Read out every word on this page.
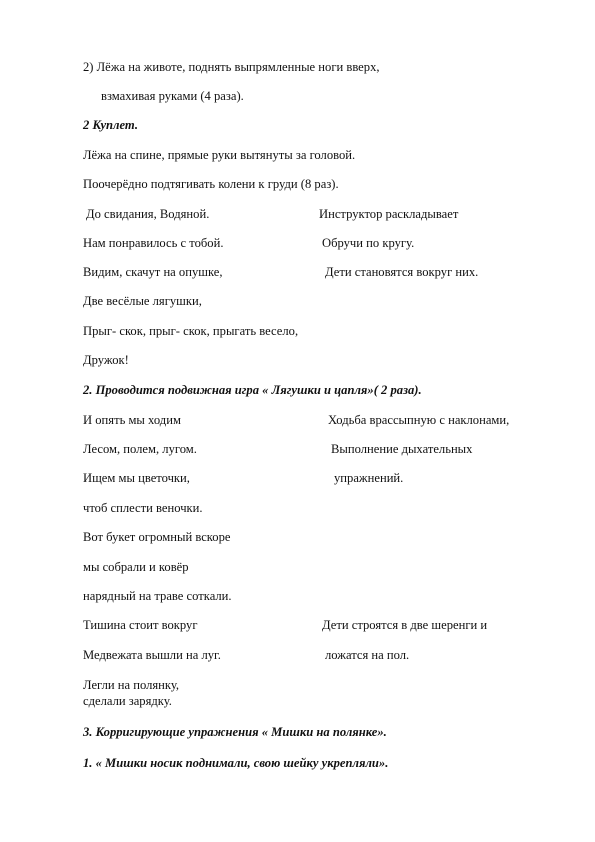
2) Лёжа на животе, поднять выпрямленные ноги вверх,
взмахивая руками (4 раза).
2 Куплет.
Лёжа на спине, прямые руки вытянуты за головой.
Поочерёдно подтягивать колени к груди (8 раз).
До свидания, Водяной.	Инструктор раскладывает
Нам понравилось с тобой.	Обручи по кругу.
Видим, скачут на опушке,	Дети становятся вокруг них.
Две весёлые лягушки,
Прыг- скок, прыг- скок, прыгать весело,
Дружок!
2. Проводится подвижная игра « Лягушки и цапля»( 2 раза).
И опять мы ходим	Ходьба врассыпную с наклонами,
Лесом, полем, лугом.	Выполнение дыхательных
Ищем мы цветочки,	упражнений.
чтоб сплести веночки.
Вот букет огромный вскоре
мы собрали и ковёр
нарядный на траве соткали.
Тишина стоит вокруг	Дети строятся в две шеренги и
Медвежата вышли на луг.	ложатся на пол.
Легли на полянку,
сделали зарядку.
3. Корригирующие упражнения « Мишки на полянке».
1. « Мишки носик поднимали, свою шейку укрепляли».
